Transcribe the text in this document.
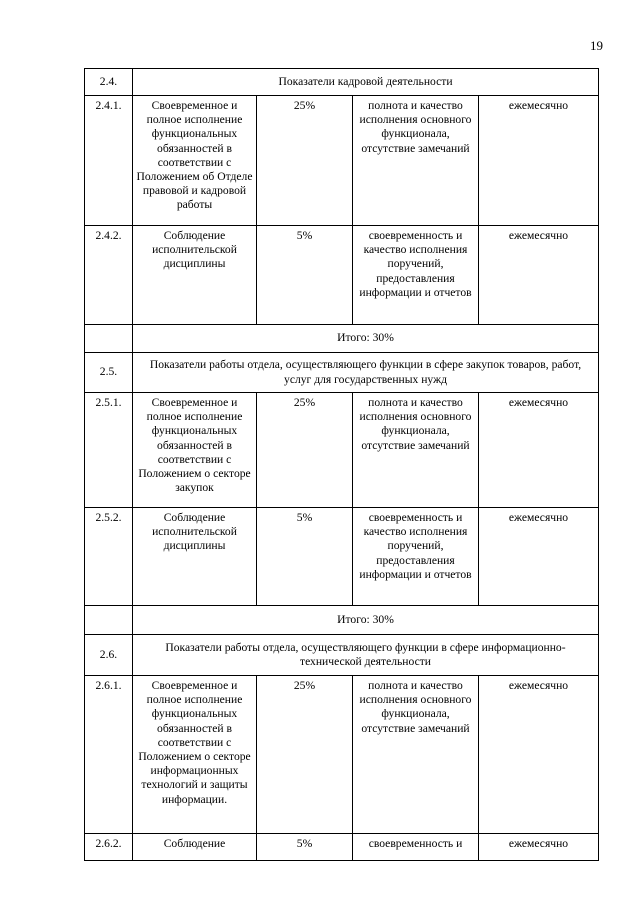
19
2.4.	Показатели кадровой деятельности			
2.4.1.	Своевременное и полное исполнение функциональных обязанностей в соответствии с Положением об Отделе правовой и кадровой работы	25%	полнота и качество исполнения основного функционала, отсутствие замечаний	ежемесячно
2.4.2.	Соблюдение исполнительской дисциплины	5%	своевременность и качество исполнения поручений, предоставления информации и отчетов	ежемесячно
	Итого: 30%			
2.5.	Показатели работы отдела, осуществляющего функции в сфере закупок товаров, работ, услуг для государственных нужд			
2.5.1.	Своевременное и полное исполнение функциональных обязанностей в соответствии с Положением о секторе закупок	25%	полнота и качество исполнения основного функционала, отсутствие замечаний	ежемесячно
2.5.2.	Соблюдение исполнительской дисциплины	5%	своевременность и качество исполнения поручений, предоставления информации и отчетов	ежемесячно
	Итого: 30%			
2.6.	Показатели работы отдела, осуществляющего функции в сфере информационно-технической деятельности			
2.6.1.	Своевременное и полное исполнение функциональных обязанностей в соответствии с Положением о секторе информационных технологий и защиты информации.	25%	полнота и качество исполнения основного функционала, отсутствие замечаний	ежемесячно
2.6.2.	Соблюдение	5%	своевременность и	ежемесячно
